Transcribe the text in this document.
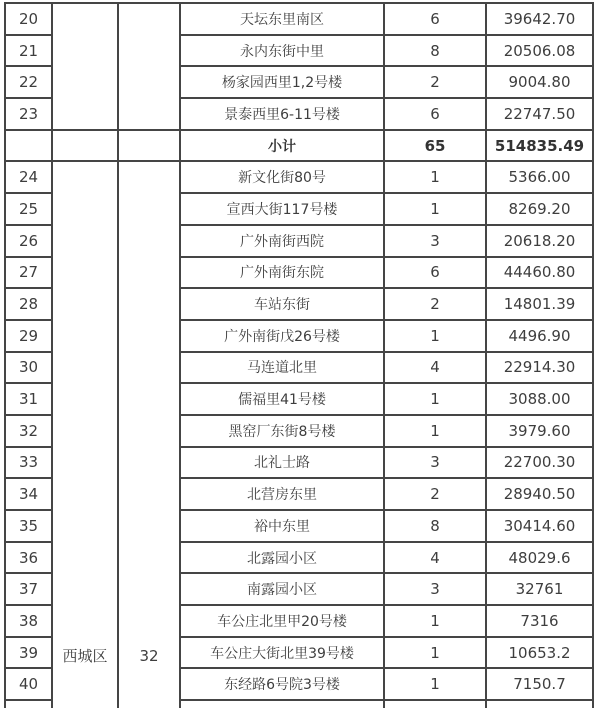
20			天坛东里南区	6	39642.70
21			永内东街中里	8	20506.08
22			杨家园西里1,2号楼	2	9004.80
23			景泰西里6-11号楼	6	22747.50
			小计	65	514835.49
24	西城区	32	新文化街80号	1	5366.00
25			宣西大街117号楼	1	8269.20
26			广外南街西院	3	20618.20
27			广外南街东院	6	44460.80
28			车站东街	2	14801.39
29			广外南街戊26号楼	1	4496.90
30			马连道北里	4	22914.30
31			儒福里41号楼	1	3088.00
32			黑窑厂东街8号楼	1	3979.60
33			北礼士路	3	22700.30
34			北营房东里	2	28940.50
35			裕中东里	8	30414.60
36			北露园小区	4	48029.6
37			南露园小区	3	32761
38			车公庄北里甲20号楼	1	7316
39			车公庄大街北里39号楼	1	10653.2
40			东经路6号院3号楼	1	7150.7
